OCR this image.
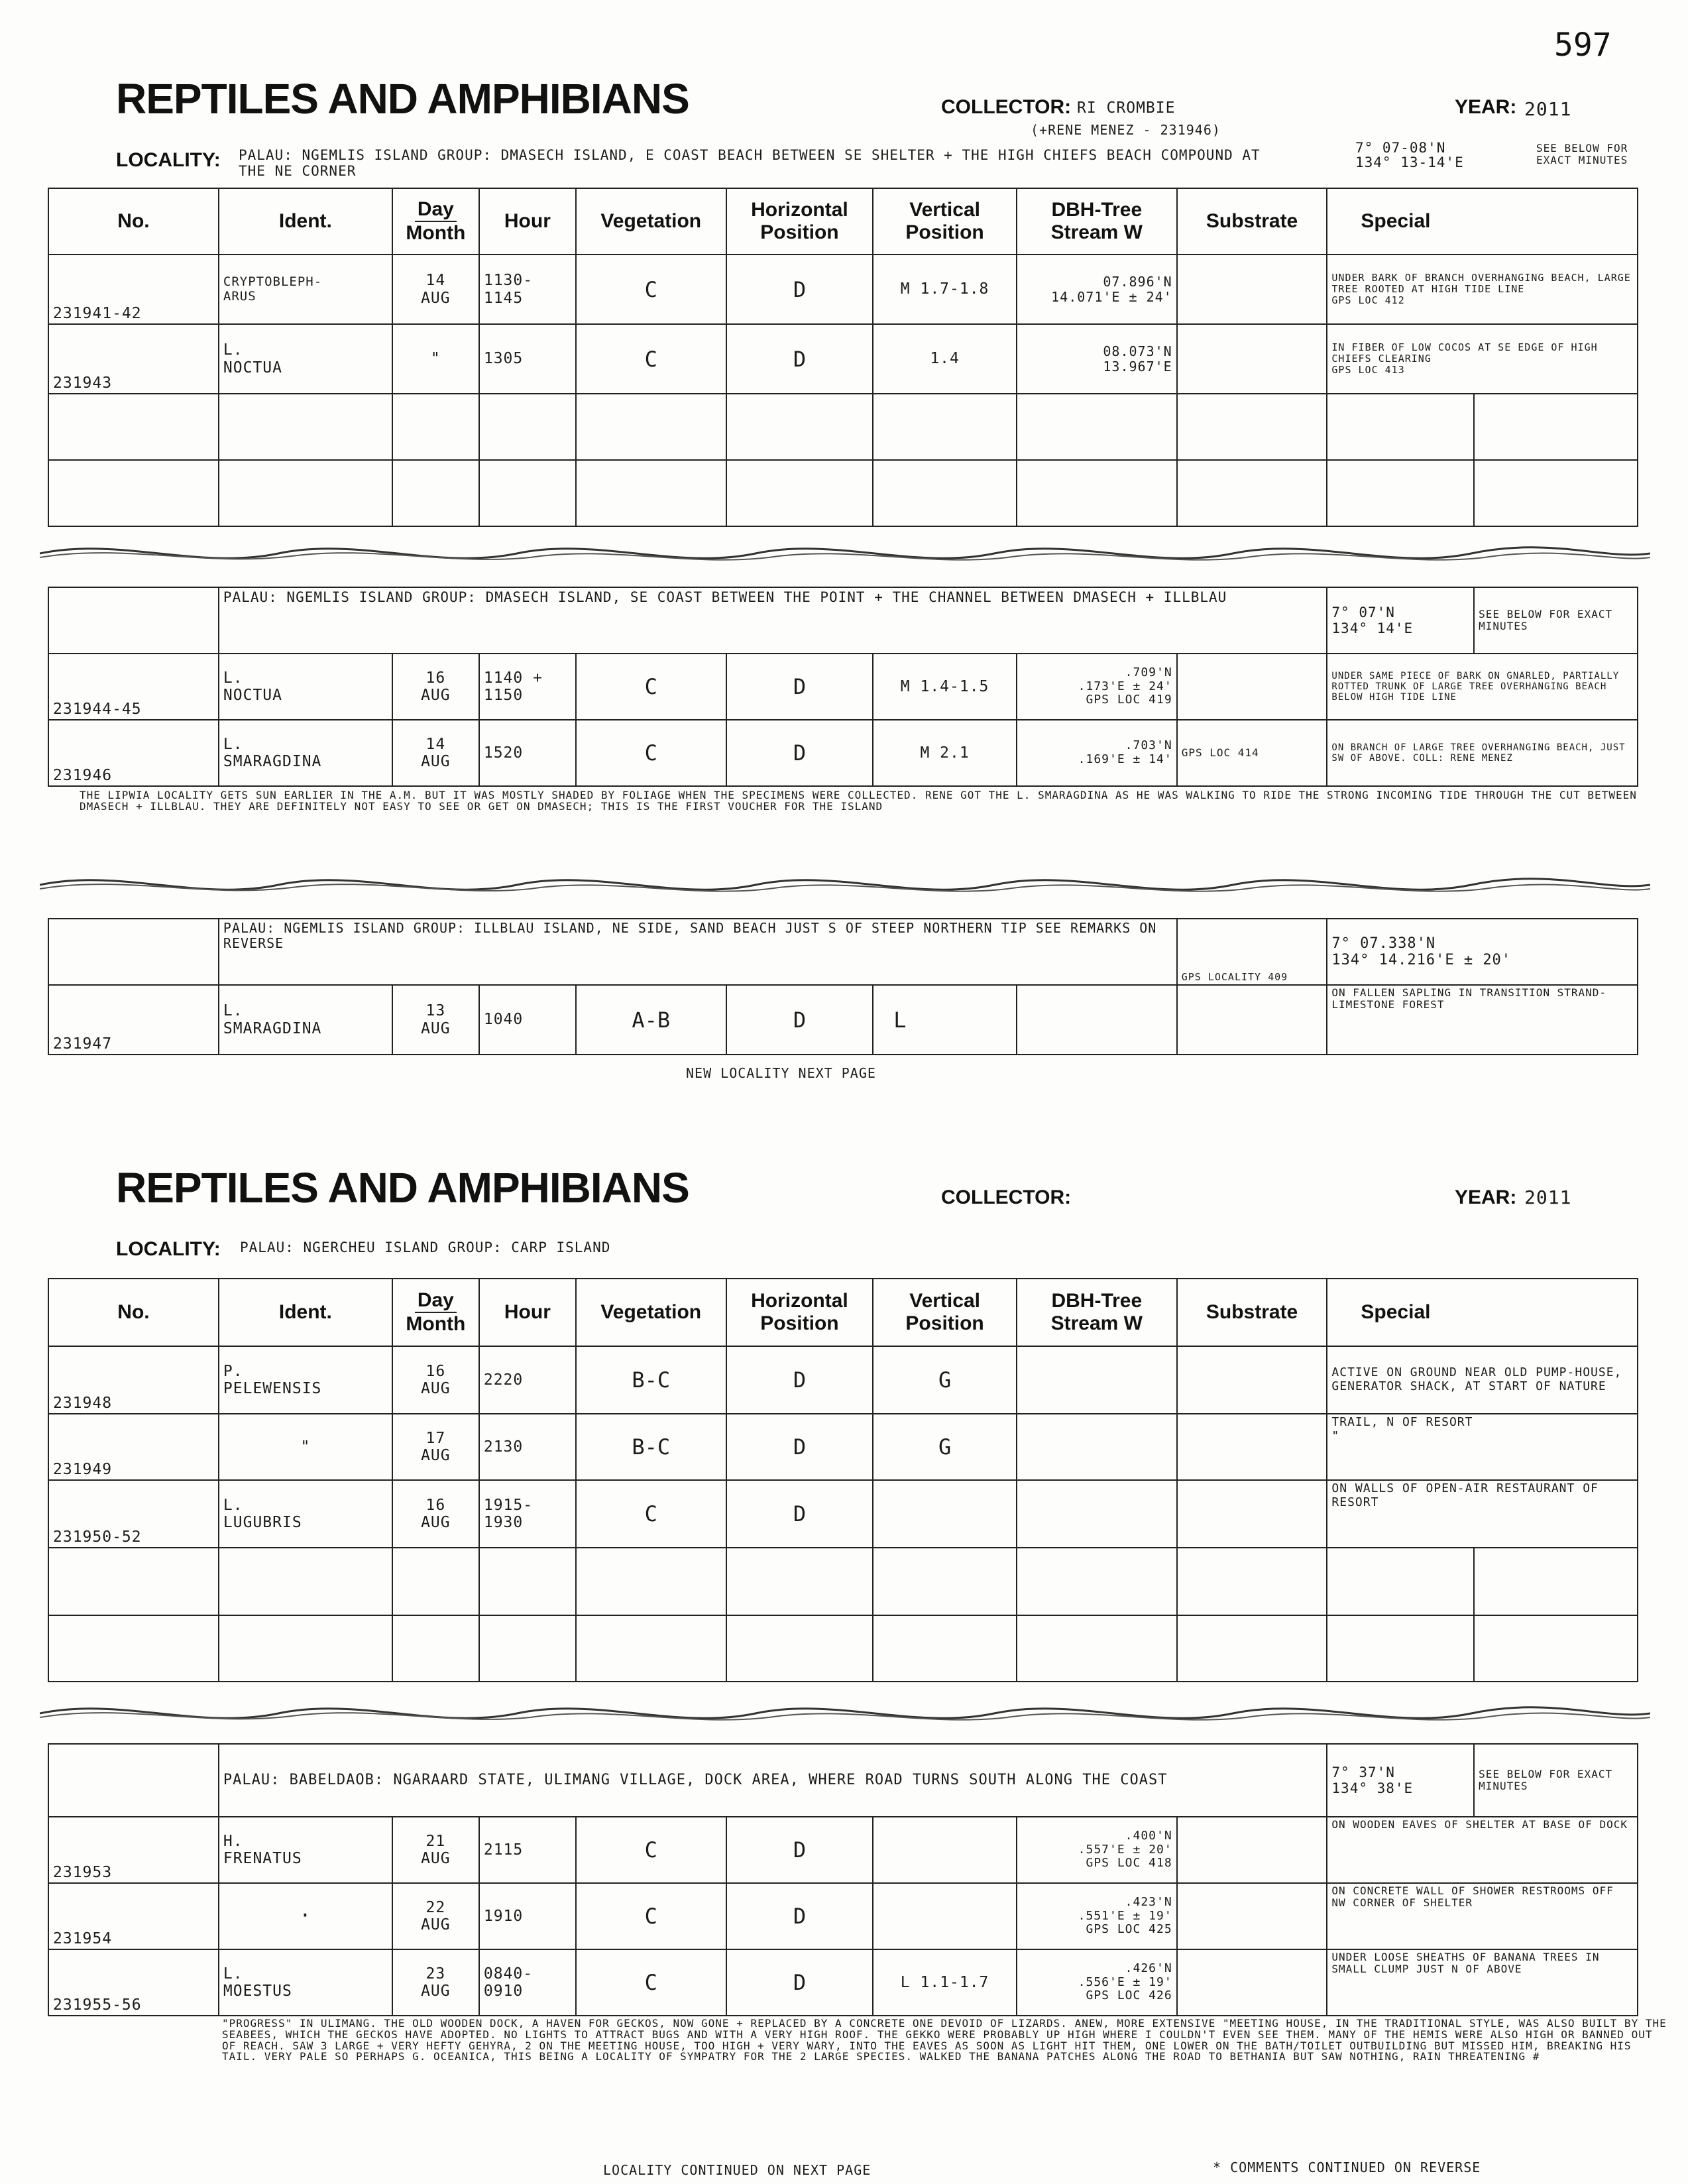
597
REPTILES AND AMPHIBIANS	COLLECTOR: RI CROMBIE
(+RENE MENEZ - 231946)
YEAR: 2011
LOCALITY: PALAU: NGEMLIS ISLAND GROUP: DMASECH ISLAND, E COAST BEACH BETWEEN SE SHELTER + THE HIGH CHIEFS BEACH COMPOUND AT THE NE CORNER
7° 07-08'N
134° 13-14'E
SEE BELOW FOR EXACT MINUTES
No.	Ident.	Day
Month	Hour	Vegetation	Horizontal Position	Vertical Position	DBH-Tree Stream W	Substrate	Special	
231941-42	CRYPTOBLEPH-
ARUS	14
AUG	1130-
1145	C	D	M 1.7-1.8	07.896'N
14.071'E ± 24'		UNDER BARK OF BRANCH OVERHANGING BEACH, LARGE TREE ROOTED AT HIGH TIDE LINE
GPS LOC 412	
231943	L.
NOCTUA	"	1305	C	D	1.4	08.073'N
13.967'E		IN FIBER OF LOW COCOS AT SE EDGE OF HIGH CHIEFS CLEARING
GPS LOC 413	

	PALAU: NGEMLIS ISLAND GROUP: DMASECH ISLAND, SE COAST BETWEEN THE POINT + THE CHANNEL BETWEEN DMASECH + ILLBLAU								7° 07'N
134° 14'E	SEE BELOW FOR EXACT MINUTES
231944-45	L.
NOCTUA	16
AUG	1140 +
1150	C	D	M 1.4-1.5	.709'N
.173'E ± 24'
GPS LOC 419		UNDER SAME PIECE OF BARK ON GNARLED, PARTIALLY ROTTED TRUNK OF LARGE TREE OVERHANGING BEACH BELOW HIGH TIDE LINE	
231946	L.
SMARAGDINA	14
AUG	1520	C	D	M 2.1	.703'N
.169'E ± 14'	GPS LOC 414	ON BRANCH OF LARGE TREE OVERHANGING BEACH, JUST SW OF ABOVE. COLL: RENE MENEZ	
THE LIPWIA LOCALITY GETS SUN EARLIER IN THE A.M. BUT IT WAS MOSTLY SHADED BY FOLIAGE WHEN THE SPECIMENS WERE COLLECTED. RENE GOT THE L. SMARAGDINA AS HE WAS WALKING TO RIDE THE STRONG INCOMING TIDE THROUGH THE CUT BETWEEN DMASECH + ILLBLAU. THEY ARE DEFINITELY NOT EASY TO SEE OR GET ON DMASECH; THIS IS THE FIRST VOUCHER FOR THE ISLAND
	PALAU: NGEMLIS ISLAND GROUP: ILLBLAU ISLAND, NE SIDE, SAND BEACH JUST S OF STEEP NORTHERN TIP SEE REMARKS ON REVERSE							GPS LOCALITY 409	7° 07.338'N
134° 14.216'E ± 20'
231947	L.
SMARAGDINA	13
AUG	1040	A-B	D	L			ON FALLEN SAPLING IN TRANSITION STRAND-LIMESTONE FOREST
NEW LOCALITY NEXT PAGE
REPTILES AND AMPHIBIANS	COLLECTOR:	YEAR: 2011
LOCALITY: PALAU: NGERCHEU ISLAND GROUP: CARP ISLAND
No.	Ident.	Day
Month	Hour	Vegetation	Horizontal Position	Vertical Position	DBH-Tree Stream W	Substrate	Special	
231948	P.
PELEWENSIS	16
AUG	2220	B-C	D	G			ACTIVE ON GROUND NEAR OLD PUMP-HOUSE, GENERATOR SHACK, AT START OF NATURE	
231949	"	17
AUG	2130	B-C	D	G			TRAIL, N OF RESORT
"	
231950-52	L.
LUGUBRIS	16
AUG	1915-
1930	C	D				ON WALLS OF OPEN-AIR RESTAURANT OF RESORT	

	PALAU: BABELDAOB: NGARAARD STATE, ULIMANG VILLAGE, DOCK AREA, WHERE ROAD TURNS SOUTH ALONG THE COAST								7° 37'N
134° 38'E	SEE BELOW FOR EXACT MINUTES
231953	H.
FRENATUS	21
AUG	2115	C	D		.400'N
.557'E ± 20'
GPS LOC 418		ON WOODEN EAVES OF SHELTER AT BASE OF DOCK	
231954	·	22
AUG	1910	C	D		.423'N
.551'E ± 19'
GPS LOC 425		ON CONCRETE WALL OF SHOWER RESTROOMS OFF NW CORNER OF SHELTER	
231955-56	L.
MOESTUS	23
AUG	0840-
0910	C	D	L 1.1-1.7	.426'N
.556'E ± 19'
GPS LOC 426		UNDER LOOSE SHEATHS OF BANANA TREES IN SMALL CLUMP JUST N OF ABOVE	
"PROGRESS" IN ULIMANG. THE OLD WOODEN DOCK, A HAVEN FOR GECKOS, NOW GONE + REPLACED BY A CONCRETE ONE DEVOID OF LIZARDS. ANEW, MORE EXTENSIVE "MEETING HOUSE, IN THE TRADITIONAL STYLE, WAS ALSO BUILT BY THE SEABEES, WHICH THE GECKOS HAVE ADOPTED. NO LIGHTS TO ATTRACT BUGS AND WITH A VERY HIGH ROOF. THE GEKKO WERE PROBABLY UP HIGH WHERE I COULDN'T EVEN SEE THEM. MANY OF THE HEMIS WERE ALSO HIGH OR BANNED OUT OF REACH. SAW 3 LARGE + VERY HEFTY GEHYRA, 2 ON THE MEETING HOUSE, TOO HIGH + VERY WARY, INTO THE EAVES AS SOON AS LIGHT HIT THEM, ONE LOWER ON THE BATH/TOILET OUTBUILDING BUT MISSED HIM, BREAKING HIS TAIL. VERY PALE SO PERHAPS G. OCEANICA, THIS BEING A LOCALITY OF SYMPATRY FOR THE 2 LARGE SPECIES. WALKED THE BANANA PATCHES ALONG THE ROAD TO BETHANIA BUT SAW NOTHING, RAIN THREATENING #
LOCALITY CONTINUED ON NEXT PAGE	* COMMENTS CONTINUED ON REVERSE
